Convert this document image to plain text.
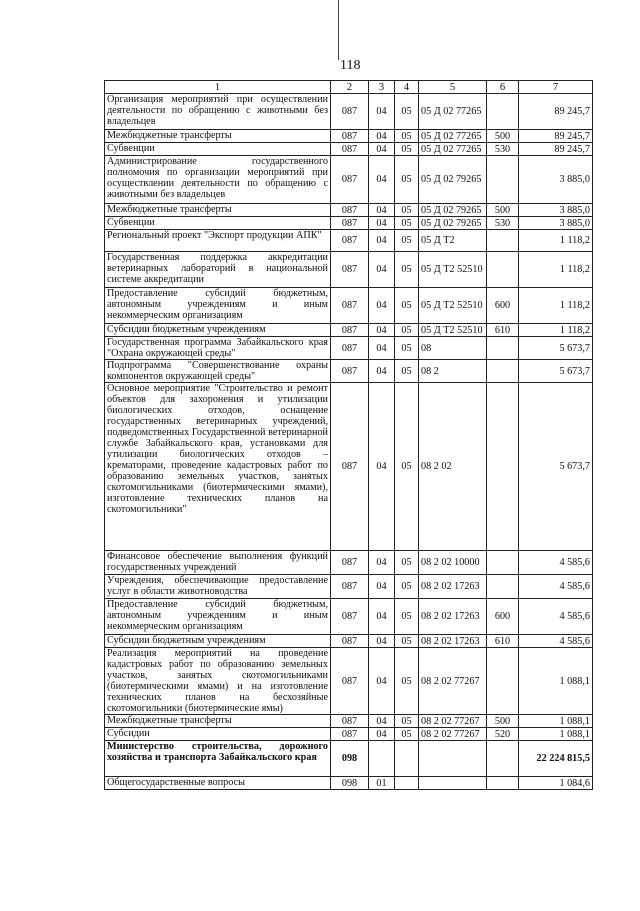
118
1	2	3	4	5	6	7
Организация мероприятий при осуществлении деятельности по обращению с животными без владельцев	087	04	05	05 Д 02 77265		89 245,7
Межбюджетные трансферты	087	04	05	05 Д 02 77265	500	89 245,7
Субвенции	087	04	05	05 Д 02 77265	530	89 245,7
Администрирование государственного полномочия по организации мероприятий при осуществлении деятельности по обращению с животными без владельцев	087	04	05	05 Д 02 79265		3 885,0
Межбюджетные трансферты	087	04	05	05 Д 02 79265	500	3 885,0
Субвенции	087	04	05	05 Д 02 79265	530	3 885,0
Региональный проект "Экспорт продукции АПК"	087	04	05	05 Д Т2		1 118,2
Государственная поддержка аккредитации ветеринарных лабораторий в национальной системе аккредитации	087	04	05	05 Д Т2 52510		1 118,2
Предоставление субсидий бюджетным, автономным учреждениям и иным некоммерческим организациям	087	04	05	05 Д Т2 52510	600	1 118,2
Субсидии бюджетным учреждениям	087	04	05	05 Д Т2 52510	610	1 118,2
Государственная программа Забайкальского края "Охрана окружающей среды"	087	04	05	08		5 673,7
Подпрограмма "Совершенствование охраны компонентов окружающей среды"	087	04	05	08 2		5 673,7
Основное мероприятие "Строительство и ремонт объектов для захоронения и утилизации биологических отходов, оснащение государственных ветеринарных учреждений, подведомственных Государственной ветеринарной службе Забайкальского края, установками для утилизации биологических отходов – крематорами, проведение кадастровых работ по образованию земельных участков, занятых скотомогильниками (биотермическими ямами), изготовление технических планов на скотомогильники"	087	04	05	08 2 02		5 673,7
Финансовое обеспечение выполнения функций государственных учреждений	087	04	05	08 2 02 10000		4 585,6
Учреждения, обеспечивающие предоставление услуг в области животноводства	087	04	05	08 2 02 17263		4 585,6
Предоставление субсидий бюджетным, автономным учреждениям и иным некоммерческим организациям	087	04	05	08 2 02 17263	600	4 585,6
Субсидии бюджетным учреждениям	087	04	05	08 2 02 17263	610	4 585,6
Реализация мероприятий на проведение кадастровых работ по образованию земельных участков, занятых скотомогильниками (биотермическими ямами) и на изготовление технических планов на бесхозяйные скотомогильники (биотермические ямы)	087	04	05	08 2 02 77267		1 088,1
Межбюджетные трансферты	087	04	05	08 2 02 77267	500	1 088,1
Субсидии	087	04	05	08 2 02 77267	520	1 088,1
Министерство строительства, дорожного хозяйства и транспорта Забайкальского края	098					22 224 815,5
Общегосударственные вопросы	098	01				1 084,6
